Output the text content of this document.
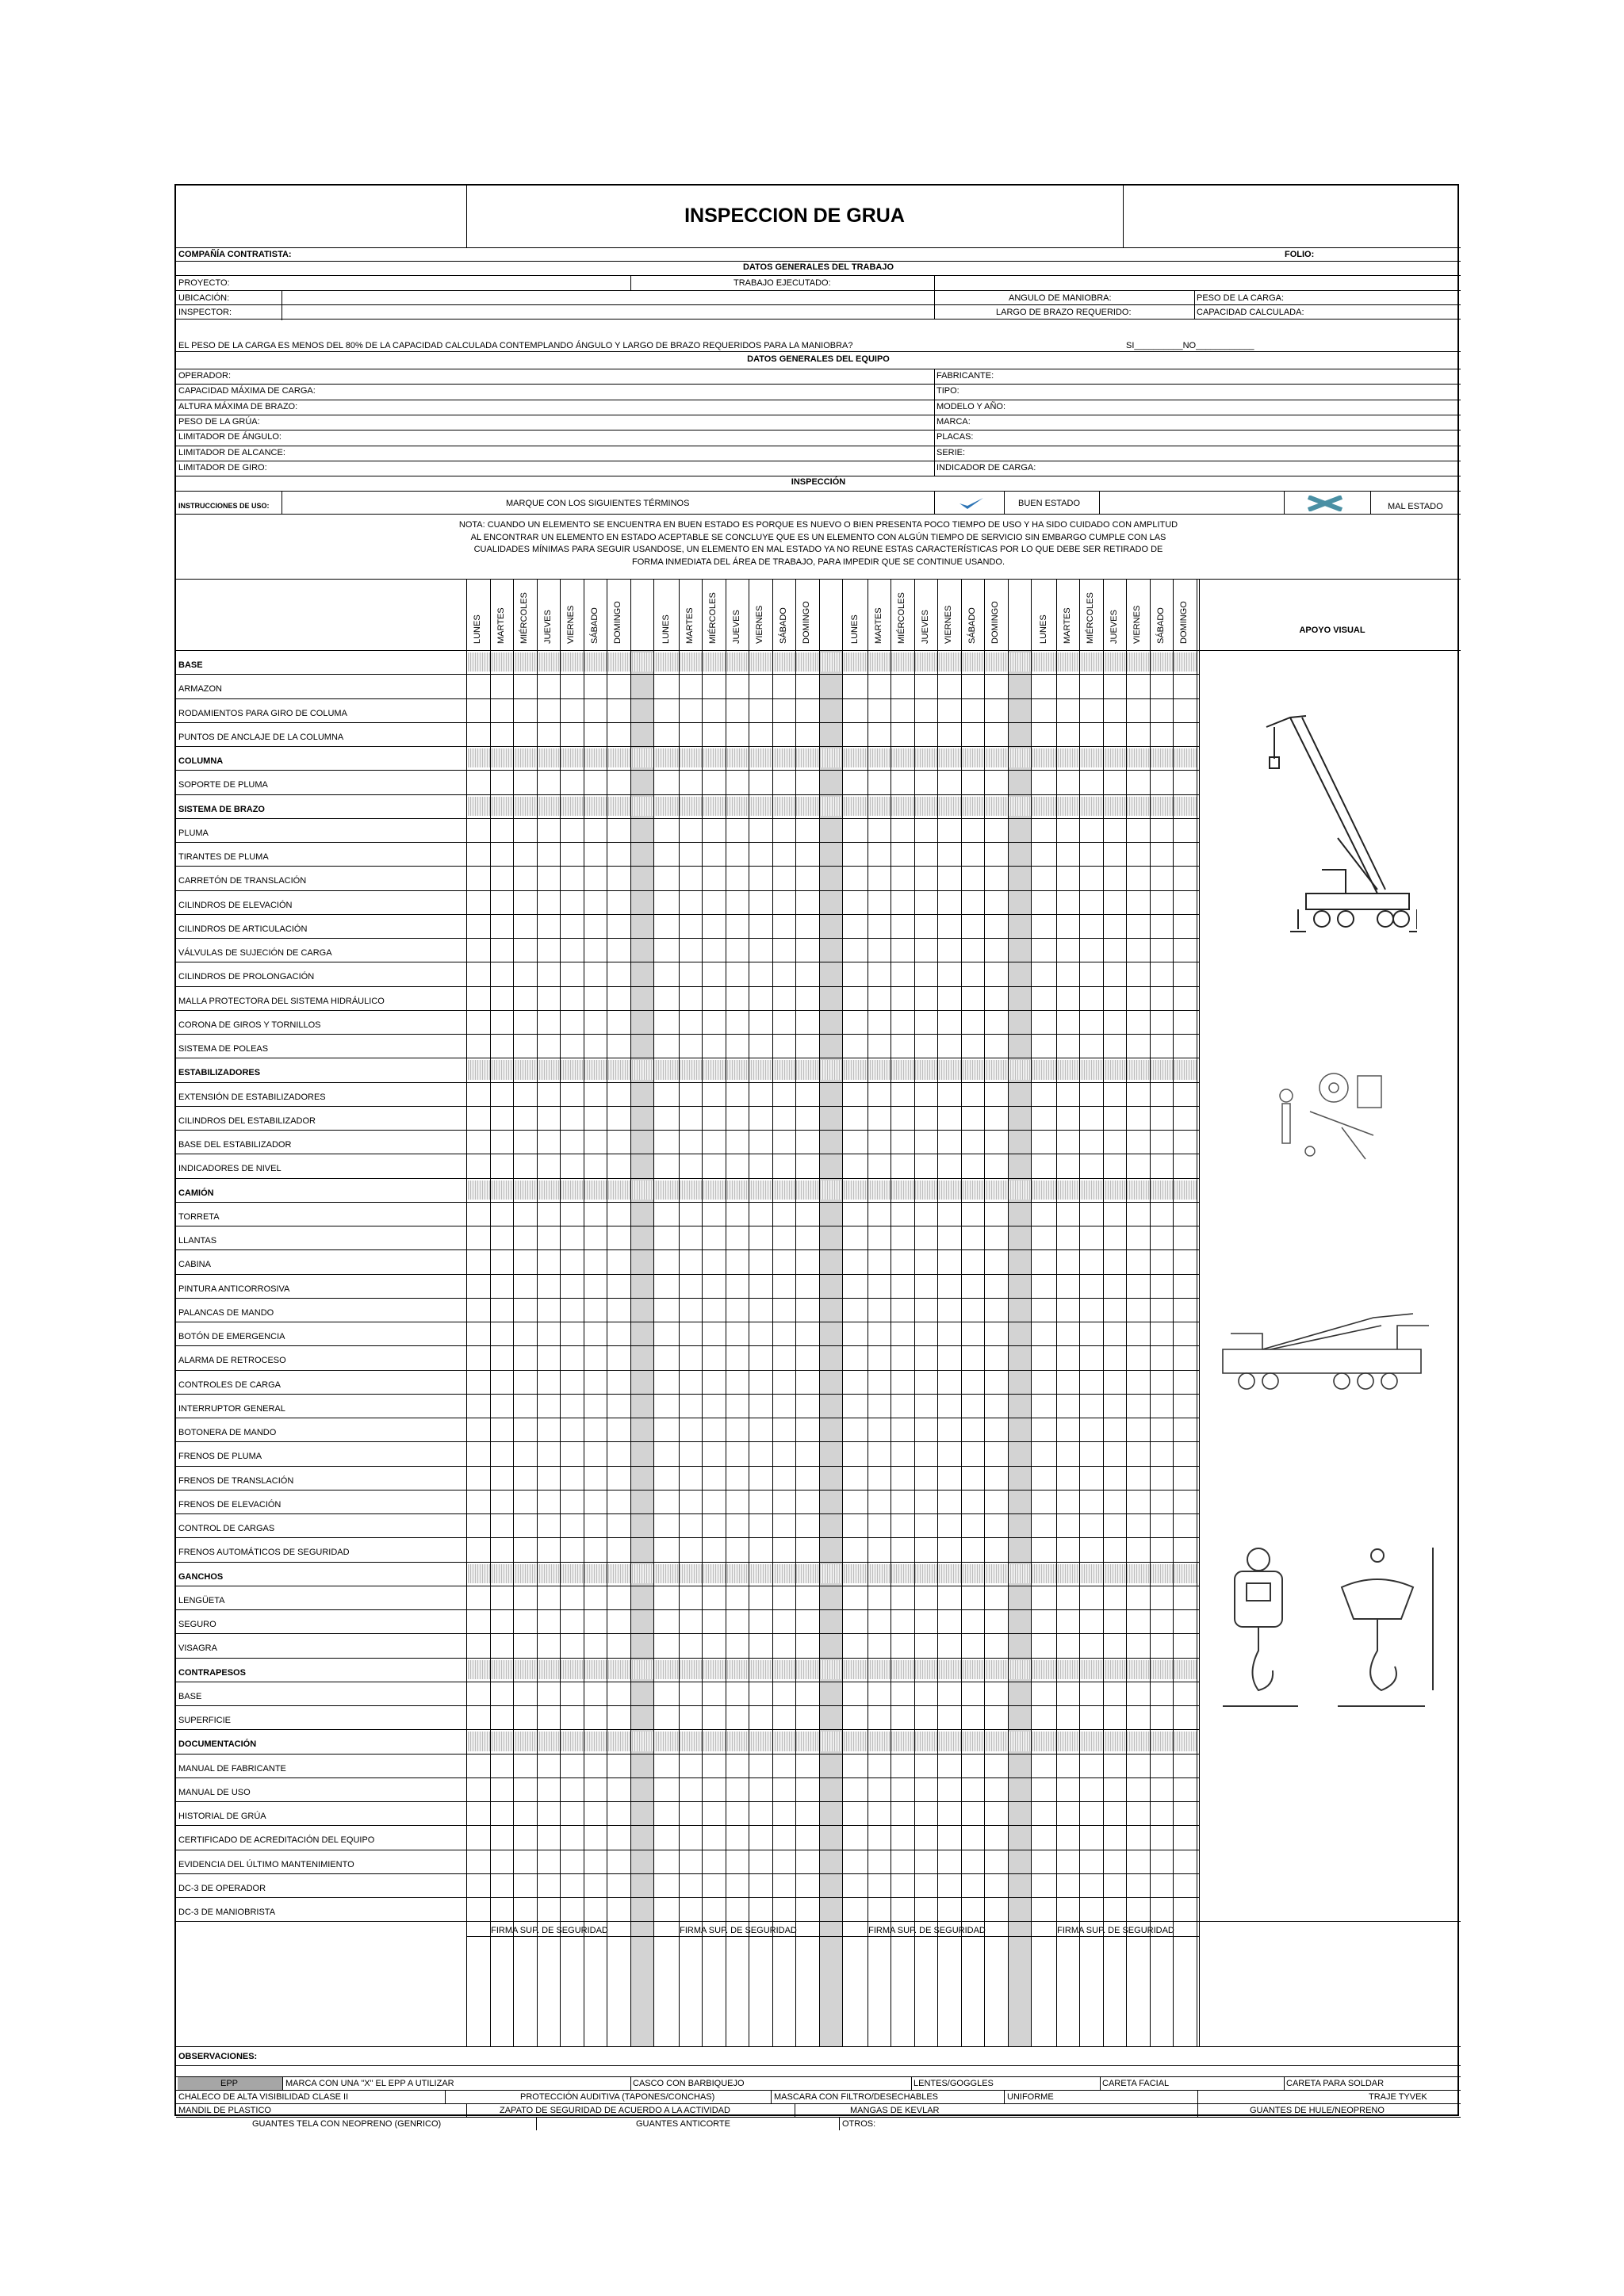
INSPECCION DE GRUA
COMPAÑÍA CONTRATISTA:	FOLIO:
DATOS GENERALES DEL TRABAJO
PROYECTO:	TRABAJO EJECUTADO:
UBICACIÓN:	ANGULO DE MANIOBRA:	PESO DE LA CARGA:
INSPECTOR:	LARGO DE BRAZO REQUERIDO:	CAPACIDAD CALCULADA:
EL PESO DE LA CARGA ES MENOS DEL 80% DE LA CAPACIDAD CALCULADA CONTEMPLANDO ÁNGULO Y LARGO DE BRAZO REQUERIDOS PARA LA MANIOBRA?	SI__________NO____________
DATOS GENERALES DEL EQUIPO
OPERADOR:	FABRICANTE:
CAPACIDAD MÁXIMA DE CARGA:	TIPO:
ALTURA MÁXIMA DE BRAZO:	MODELO Y AÑO:
PESO DE LA GRÚA:	MARCA:
LIMITADOR DE ÁNGULO:	PLACAS:
LIMITADOR DE ALCANCE:	SERIE:
LIMITADOR DE GIRO:	INDICADOR DE CARGA:
INSPECCIÓN
INSTRUCCIONES DE USO:	MARQUE CON LOS SIGUIENTES TÉRMINOS	BUEN ESTADO	MAL ESTADO
NOTA: CUANDO UN ELEMENTO SE ENCUENTRA EN BUEN ESTADO ES PORQUE ES NUEVO O BIEN PRESENTA POCO TIEMPO DE USO Y HA SIDO CUIDADO CON AMPLITUD
AL ENCONTRAR UN ELEMENTO EN ESTADO ACEPTABLE SE CONCLUYE QUE ES UN ELEMENTO CON ALGÚN TIEMPO DE SERVICIO SIN EMBARGO CUMPLE CON LAS
CUALIDADES MÍNIMAS PARA SEGUIR USANDOSE, UN ELEMENTO EN MAL ESTADO YA NO REUNE ESTAS CARACTERÍSTICAS POR LO QUE DEBE SER RETIRADO DE
FORMA INMEDIATA DEL ÁREA DE TRABAJO, PARA IMPEDIR QUE SE CONTINUE USANDO.
LUNES MARTES MIÉRCOLES JUEVES VIERNES SÁBADO DOMINGO	LUNES MARTES MIÉRCOLES JUEVES VIERNES SÁBADO DOMINGO	LUNES MARTES MIÉRCOLES JUEVES VIERNES SÁBADO DOMINGO	LUNES MARTES MIÉRCOLES JUEVES VIERNES SÁBADO DOMINGO	APOYO VISUAL
BASE
ARMAZON
RODAMIENTOS PARA GIRO DE COLUMA
PUNTOS DE ANCLAJE DE LA COLUMNA
COLUMNA
SOPORTE DE PLUMA
SISTEMA DE BRAZO
PLUMA
TIRANTES DE PLUMA
CARRETÓN DE TRANSLACIÓN
CILINDROS DE ELEVACIÓN
CILINDROS DE ARTICULACIÓN
VÁLVULAS DE SUJECIÓN DE CARGA
CILINDROS DE PROLONGACIÓN
MALLA PROTECTORA DEL SISTEMA HIDRÁULICO
CORONA DE GIROS Y TORNILLOS
SISTEMA DE POLEAS
ESTABILIZADORES
EXTENSIÓN DE ESTABILIZADORES
CILINDROS DEL ESTABILIZADOR
BASE DEL ESTABILIZADOR
INDICADORES DE NIVEL
CAMIÓN
TORRETA
LLANTAS
CABINA
PINTURA ANTICORROSIVA
PALANCAS DE MANDO
BOTÓN DE EMERGENCIA
ALARMA DE RETROCESO
CONTROLES DE CARGA
INTERRUPTOR GENERAL
BOTONERA DE MANDO
FRENOS DE PLUMA
FRENOS DE TRANSLACIÓN
FRENOS DE ELEVACIÓN
CONTROL DE CARGAS
FRENOS AUTOMÁTICOS DE SEGURIDAD
GANCHOS
LENGÜETA
SEGURO
VISAGRA
CONTRAPESOS
BASE
SUPERFICIE
DOCUMENTACIÓN
MANUAL DE FABRICANTE
MANUAL DE USO
HISTORIAL DE GRÚA
CERTIFICADO DE ACREDITACIÓN DEL EQUIPO
EVIDENCIA DEL ÚLTIMO MANTENIMIENTO
DC-3 DE OPERADOR
DC-3 DE MANIOBRISTA
FIRMA SUP. DE SEGURIDAD	FIRMA SUP. DE SEGURIDAD	FIRMA SUP. DE SEGURIDAD	FIRMA SUP. DE SEGURIDAD
OBSERVACIONES:
EPP	MARCA CON UNA "X" EL EPP A UTILIZAR	CASCO CON BARBIQUEJO	LENTES/GOGGLES	CARETA FACIAL	CARETA PARA SOLDAR
CHALECO DE ALTA VISIBILIDAD CLASE II	PROTECCIÓN AUDITIVA (TAPONES/CONCHAS)	MASCARA CON FILTRO/DESECHABLES	UNIFORME	TRAJE TYVEK
MANDIL DE PLASTICO	ZAPATO DE SEGURIDAD DE ACUERDO A LA ACTIVIDAD	MANGAS DE KEVLAR	GUANTES DE HULE/NEOPRENO
GUANTES TELA CON NEOPRENO (GENRICO)	GUANTES ANTICORTE	OTROS:
